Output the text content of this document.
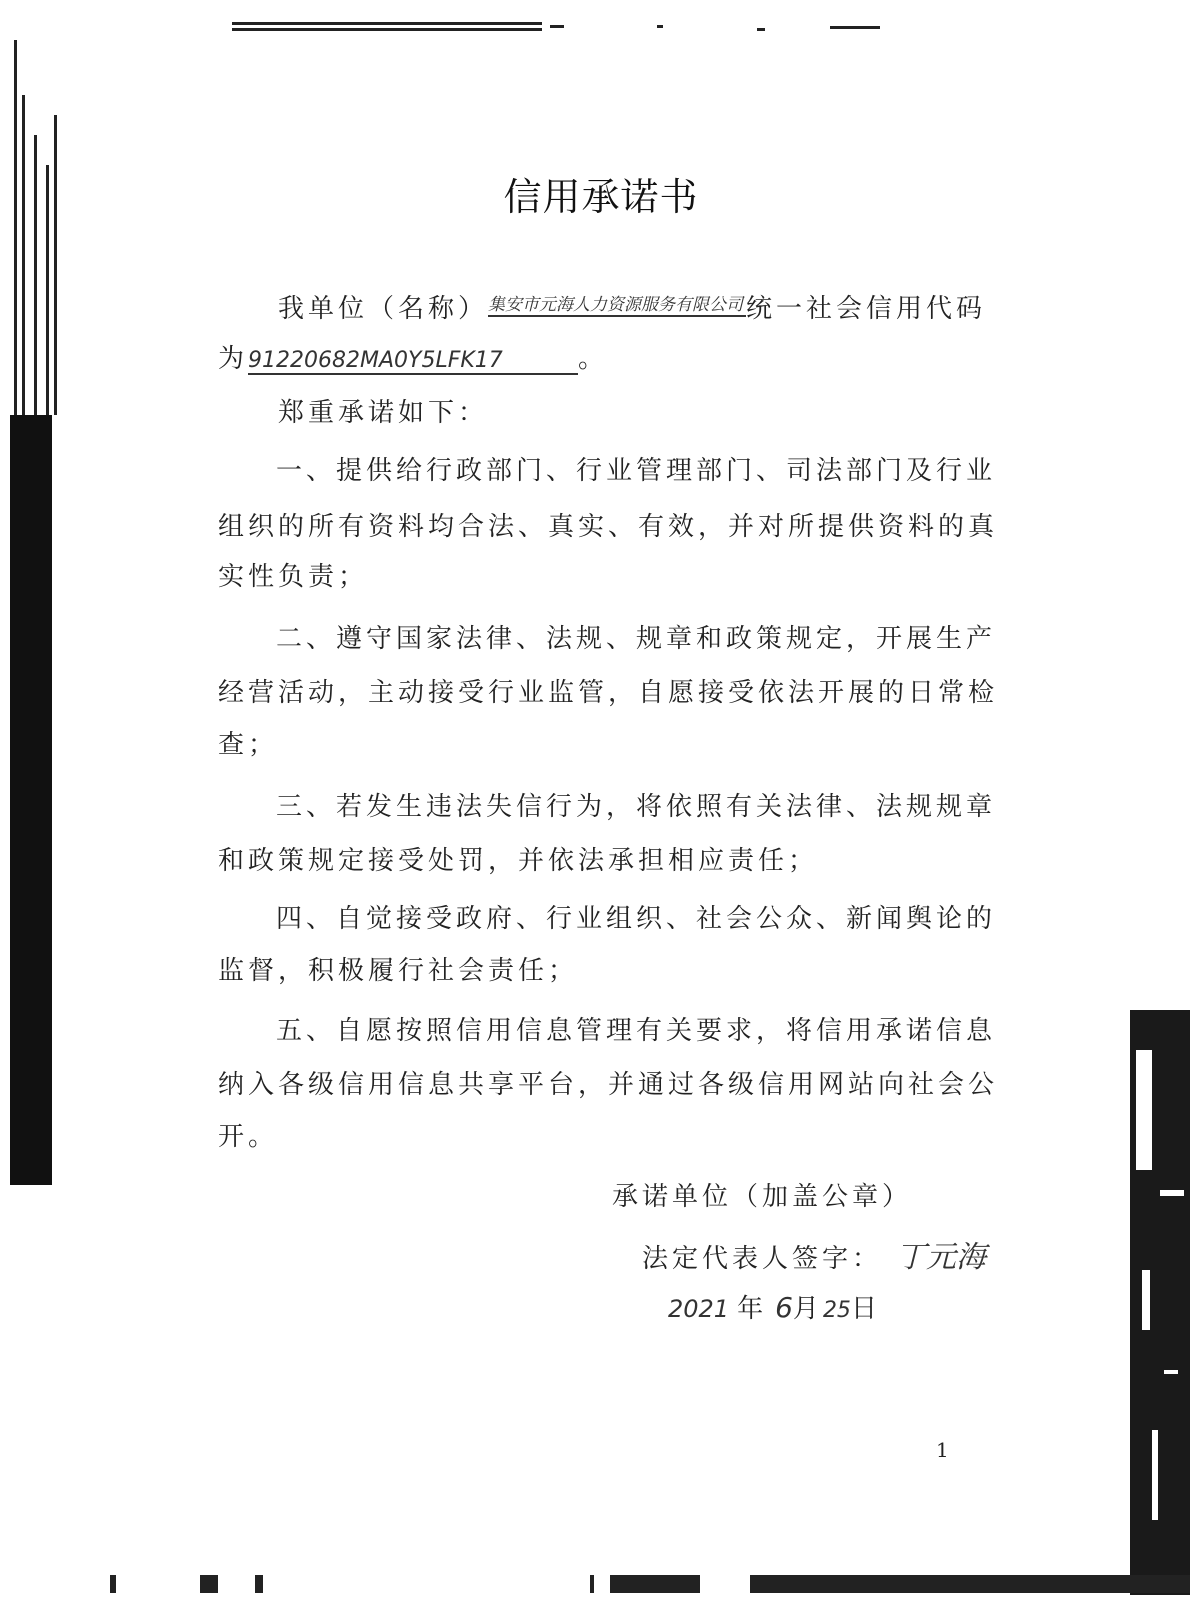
信用承诺书
我单位（名称）集安市元海人力资源服务有限公司 统一社会信用代码
为91220682MA0Y5LFK17	。
郑重承诺如下：
一、提供给行政部门、行业管理部门、司法部门及行业
组织的所有资料均合法、真实、有效，并对所提供资料的真
实性负责；
二、遵守国家法律、法规、规章和政策规定，开展生产
经营活动，主动接受行业监管，自愿接受依法开展的日常检
查；
三、若发生违法失信行为，将依照有关法律、法规规章
和政策规定接受处罚，并依法承担相应责任；
四、自觉接受政府、行业组织、社会公众、新闻舆论的
监督，积极履行社会责任；
五、自愿按照信用信息管理有关要求，将信用承诺信息
纳入各级信用信息共享平台，并通过各级信用网站向社会公
开。
承诺单位（加盖公章）
法定代表人签字： 丁元海
2021 年 6月25日
1
